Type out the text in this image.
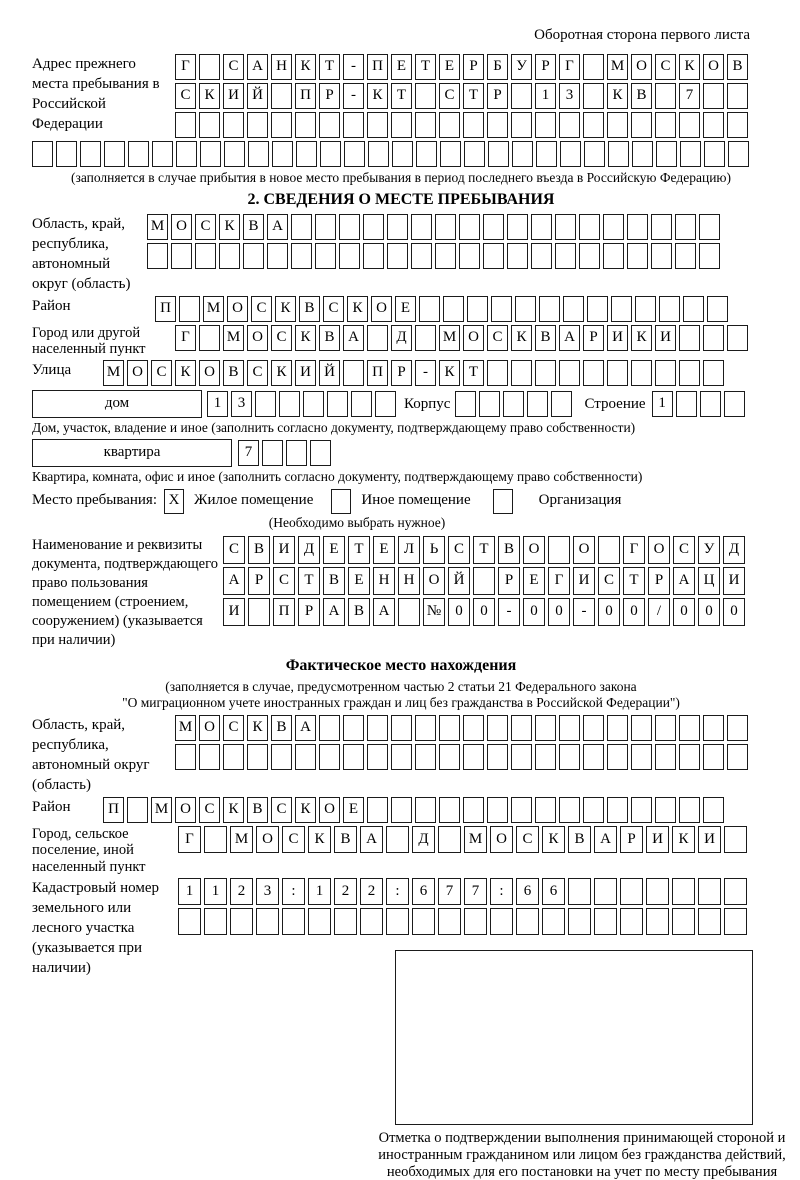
Оборотная сторона первого листа
Адрес прежнего места пребывания в Российской Федерации
Г	С А Н К Т	-	П Е Т Е	Р	Б У Р	Г	М О С К О В
С К И Й	П Р	-	К Т	С Т	Р	1	3	К В	7
(заполняется в случае прибытия в новое место пребывания в период последнего въезда в Российскую Федерацию)
2. СВЕДЕНИЯ О МЕСТЕ ПРЕБЫВАНИЯ
Область, край, республика, автономный округ (область)
М О С К В А
Район	П	М О С К В С К О Е
Город или другой населенный пункт
Г	М О С К В А	Д	М О С К В А Р И К И
Улица	М О С К О В С К И Й	П Р	-	К Т
дом	1	3	Корпус	Строение 1
Дом, участок, владение и иное (заполнить согласно документу, подтверждающему право собственности)
квартира	7
Квартира, комната, офис и иное (заполнить согласно документу, подтверждающему право собственности)
Место пребывания: X Жилое помещение	Иное помещение	Организация
(Необходимо выбрать нужное)
Наименование и реквизиты документа, подтверждающего право пользования помещением (строением, сооружением) (указывается при наличии)
С В И Д	Е	Т	Е	Л	Ь	С	Т	В О	О	Г	О С У Д
А	Р	С	Т	В	Е	Н Н О Й	Р	Е	Г	И С	Т	Р	А Ц И
И	П	Р	А В А	№ 0	0	-	0	0	-	0	0	/	0	0	0
Фактическое место нахождения
(заполняется в случае, предусмотренном частью 2 статьи 21 Федерального закона
"О миграционном учете иностранных граждан и лиц без гражданства в Российской Федерации")
Область, край, республика, автономный округ (область)
М О С К В А
Район	П	М О С К В С К О Е
Город, сельское поселение, иной населенный пункт
Г	М О	С	К	В	А	Д	М О	С	К	В	А	Р	И	К	И
Кадастровый номер земельного или лесного участка (указывается при наличии)
1	1	2	3	:	1	2	2	:	6	7	7	:	6	6
Отметка о подтверждении выполнения принимающей стороной и иностранным гражданином или лицом без гражданства действий, необходимых для его постановки на учет по месту пребывания
